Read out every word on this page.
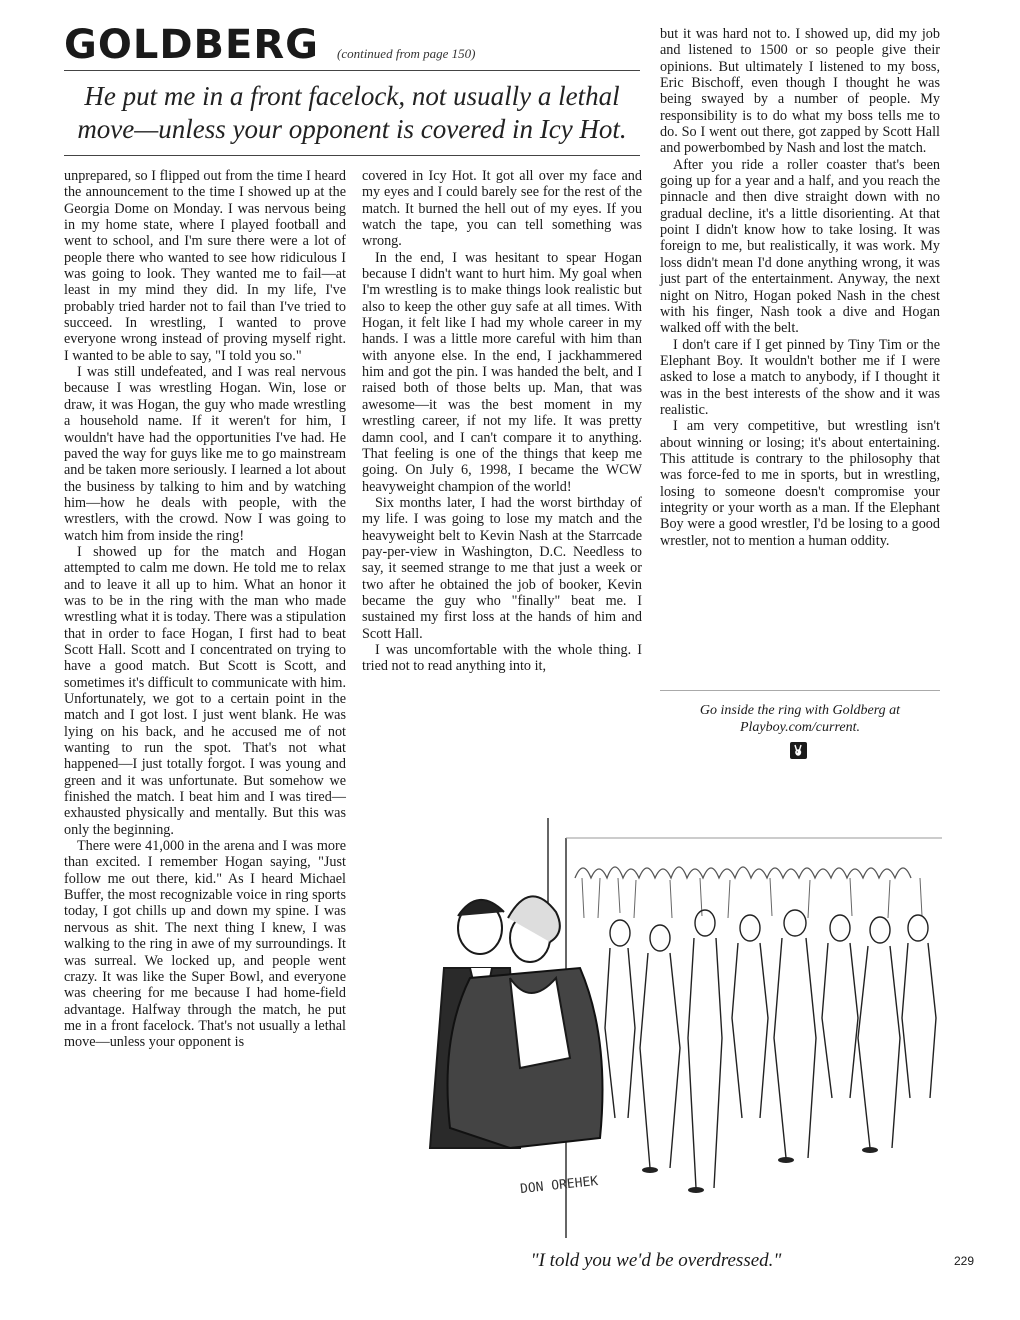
GOLDBERG (continued from page 150)
He put me in a front facelock, not usually a lethal move—unless your opponent is covered in Icy Hot.

unprepared, so I flipped out from the time I heard the announcement to the time I showed up at the Georgia Dome on Monday. I was nervous being in my home state, where I played football and went to school, and I'm sure there were a lot of people there who wanted to see how ridiculous I was going to look. They wanted me to fail—at least in my mind they did. In my life, I've probably tried harder not to fail than I've tried to succeed. In wrestling, I wanted to prove everyone wrong instead of proving myself right. I wanted to be able to say, "I told you so."

I was still undefeated, and I was real nervous because I was wrestling Hogan. Win, lose or draw, it was Hogan, the guy who made wrestling a household name. If it weren't for him, I wouldn't have had the opportunities I've had. He paved the way for guys like me to go mainstream and be taken more seriously. I learned a lot about the business by talking to him and by watching him—how he deals with people, with the wrestlers, with the crowd. Now I was going to watch him from inside the ring!

I showed up for the match and Hogan attempted to calm me down. He told me to relax and to leave it all up to him. What an honor it was to be in the ring with the man who made wrestling what it is today. There was a stipulation that in order to face Hogan, I first had to beat Scott Hall. Scott and I concentrated on trying to have a good match. But Scott is Scott, and sometimes it's difficult to communicate with him. Unfortunately, we got to a certain point in the match and I got lost. I just went blank. He was lying on his back, and he accused me of not wanting to run the spot. That's not what happened—I just totally forgot. I was young and green and it was unfortunate. But somehow we finished the match. I beat him and I was tired—exhausted physically and mentally. But this was only the beginning.

There were 41,000 in the arena and I was more than excited. I remember Hogan saying, "Just follow me out there, kid." As I heard Michael Buffer, the most recognizable voice in ring sports today, I got chills up and down my spine. I was nervous as shit. The next thing I knew, I was walking to the ring in awe of my surroundings. It was surreal. We locked up, and people went crazy. It was like the Super Bowl, and everyone was cheering for me because I had home-field advantage. Halfway through the match, he put me in a front facelock. That's not usually a lethal move—unless your opponent is

covered in Icy Hot. It got all over my face and my eyes and I could barely see for the rest of the match. It burned the hell out of my eyes. If you watch the tape, you can tell something was wrong.

In the end, I was hesitant to spear Hogan because I didn't want to hurt him. My goal when I'm wrestling is to make things look realistic but also to keep the other guy safe at all times. With Hogan, it felt like I had my whole career in my hands. I was a little more careful with him than with anyone else. In the end, I jackhammered him and got the pin. I was handed the belt, and I raised both of those belts up. Man, that was awesome—it was the best moment in my wrestling career, if not my life. It was pretty damn cool, and I can't compare it to anything. That feeling is one of the things that keep me going. On July 6, 1998, I became the WCW heavyweight champion of the world!

Six months later, I had the worst birthday of my life. I was going to lose my match and the heavyweight belt to Kevin Nash at the Starrcade pay-per-view in Washington, D.C. Needless to say, it seemed strange to me that just a week or two after he obtained the job of booker, Kevin became the guy who "finally" beat me. I sustained my first loss at the hands of him and Scott Hall.

I was uncomfortable with the whole thing. I tried not to read anything into it,

but it was hard not to. I showed up, did my job and listened to 1500 or so people give their opinions. But ultimately I listened to my boss, Eric Bischoff, even though I thought he was being swayed by a number of people. My responsibility is to do what my boss tells me to do. So I went out there, got zapped by Scott Hall and powerbombed by Nash and lost the match.

After you ride a roller coaster that's been going up for a year and a half, and you reach the pinnacle and then dive straight down with no gradual decline, it's a little disorienting. At that point I didn't know how to take losing. It was foreign to me, but realistically, it was work. My loss didn't mean I'd done anything wrong, it was just part of the entertainment. Anyway, the next night on Nitro, Hogan poked Nash in the chest with his finger, Nash took a dive and Hogan walked off with the belt.

I don't care if I get pinned by Tiny Tim or the Elephant Boy. It wouldn't bother me if I were asked to lose a match to anybody, if I thought it was in the best interests of the show and it was realistic.

I am very competitive, but wrestling isn't about winning or losing; it's about entertaining. This attitude is contrary to the philosophy that was force-fed to me in sports, but in wrestling, losing to someone doesn't compromise your integrity or your worth as a man. If the Elephant Boy were a good wrestler, I'd be losing to a good wrestler, not to mention a human oddity.

Go inside the ring with Goldberg at Playboy.com/current.
DON OREHEK
"I told you we'd be overdressed."	229
